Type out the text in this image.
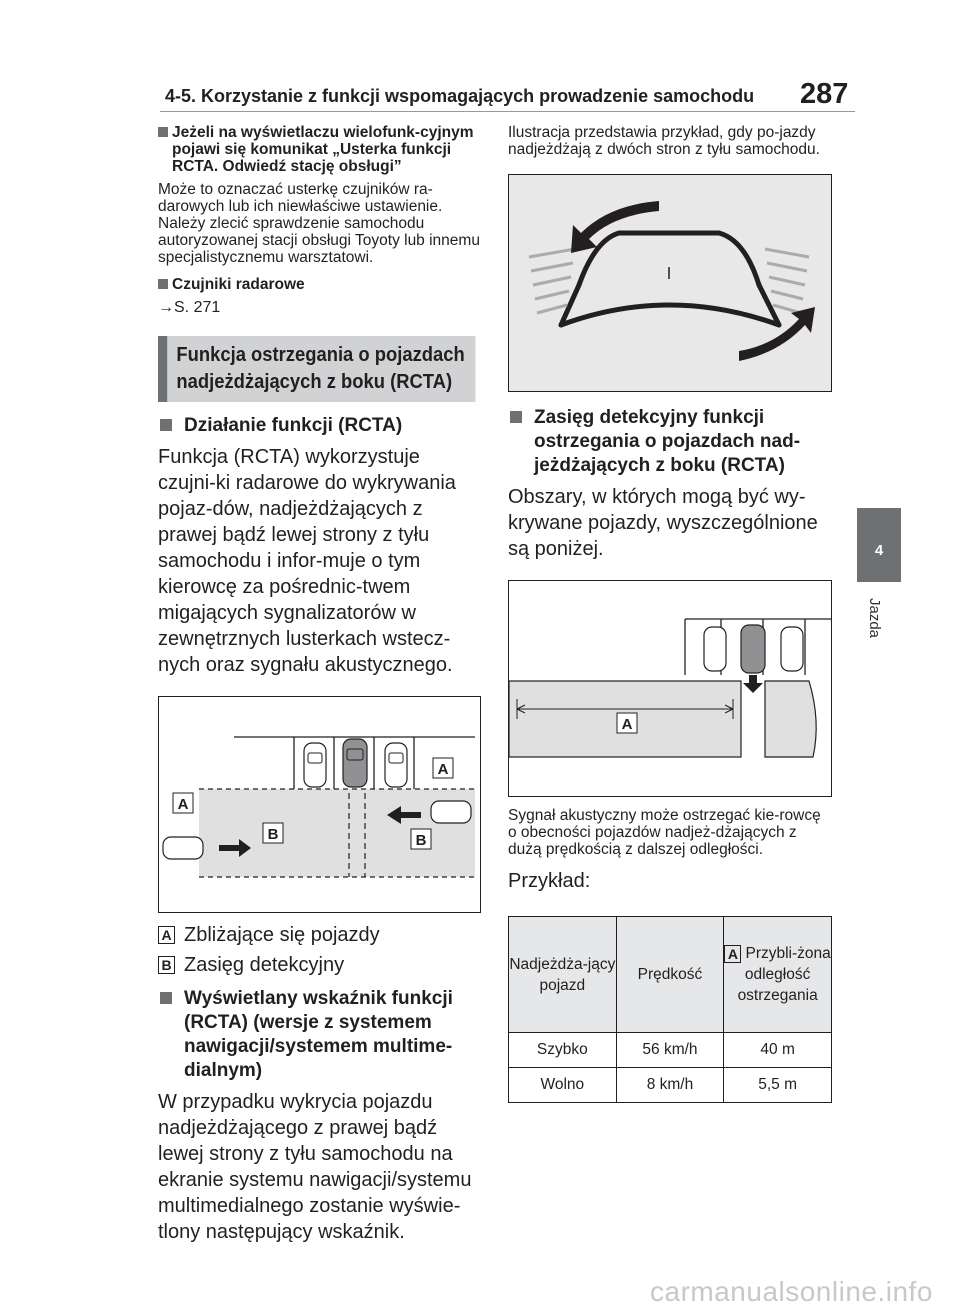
4-5. Korzystanie z funkcji wspomagających prowadzenie samochodu 287
4
Jazda
Jeżeli na wyświetlaczu wielofunk-cyjnym pojawi się komunikat „Usterka funkcji RCTA. Odwiedź stację obsługi”
Może to oznaczać usterkę czujników ra-darowych lub ich niewłaściwe ustawienie. Należy zlecić sprawdzenie samochodu autoryzowanej stacji obsługi Toyoty lub innemu specjalistycznemu warsztatowi.
Czujniki radarowe
→S. 271
Funkcja ostrzegania o pojazdach
nadjeżdżających z boku (RCTA)
Działanie funkcji (RCTA)
Funkcja (RCTA) wykorzystuje czujni-ki radarowe do wykrywania pojaz-dów, nadjeżdżających z prawej bądź lewej strony z tyłu samochodu i infor-muje o tym kierowcę za pośrednic-twem migających sygnalizatorów w zewnętrznych lusterkach wstecz-nych oraz sygnału akustycznego.
A
A
B	B
A Zbliżające się pojazdy
B Zasięg detekcyjny
Wyświetlany wskaźnik funkcji (RCTA) (wersje z systemem nawigacji/systemem multime-dialnym)
W przypadku wykrycia pojazdu nadjeżdżającego z prawej bądź lewej strony z tyłu samochodu na ekranie systemu nawigacji/systemu multimedialnego zostanie wyświe-tlony następujący wskaźnik.
Ilustracja przedstawia przykład, gdy po-jazdy nadjeżdżają z dwóch stron z tyłu samochodu.
Zasięg detekcyjny funkcji ostrzegania o pojazdach nad-jeżdżających z boku (RCTA)
Obszary, w których mogą być wy-krywane pojazdy, wyszczególnione są poniżej.
A
Sygnał akustyczny może ostrzegać kie-rowcę o obecności pojazdów nadjeż-dżających z dużą prędkością z dalszej odległości.
Przykład:
Nadjeżdża-jący pojazd	Prędkość	A Przybli-żona odległość ostrzegania
Szybko	56 km/h	40 m
Wolno	8 km/h	5,5 m
carmanualsonline.info
